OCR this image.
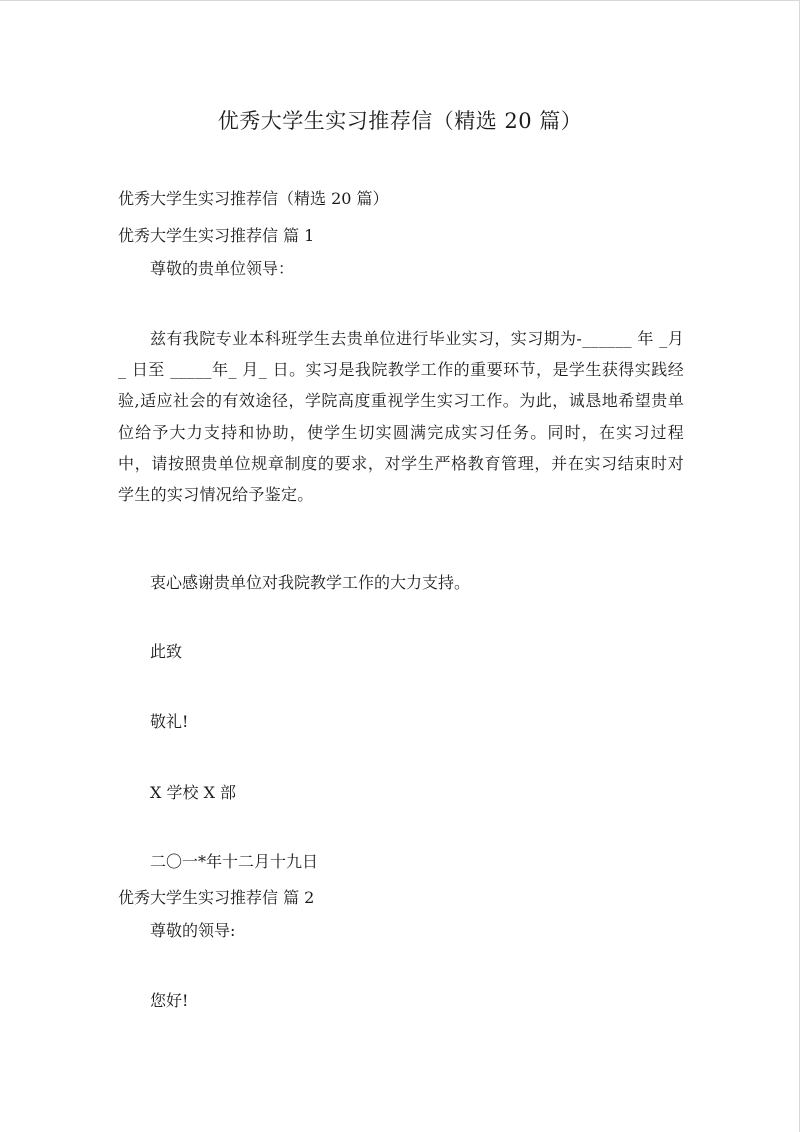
优秀大学生实习推荐信（精选 20 篇）
优秀大学生实习推荐信（精选 20 篇）
优秀大学生实习推荐信 篇 1
尊敬的贵单位领导：
兹有我院专业本科班学生去贵单位进行毕业实习，实习期为-______ 年 _月_ 日至 _____年_ 月_ 日。实习是我院教学工作的重要环节，是学生获得实践经验,适应社会的有效途径，学院高度重视学生实习工作。为此，诚恳地希望贵单位给予大力支持和协助，使学生切实圆满完成实习任务。同时，在实习过程中，请按照贵单位规章制度的要求，对学生严格教育管理，并在实习结束时对学生的实习情况给予鉴定。
衷心感谢贵单位对我院教学工作的大力支持。
此致
敬礼!
X 学校 X 部
二〇一*年十二月十九日
优秀大学生实习推荐信 篇 2
尊敬的领导:
您好!
